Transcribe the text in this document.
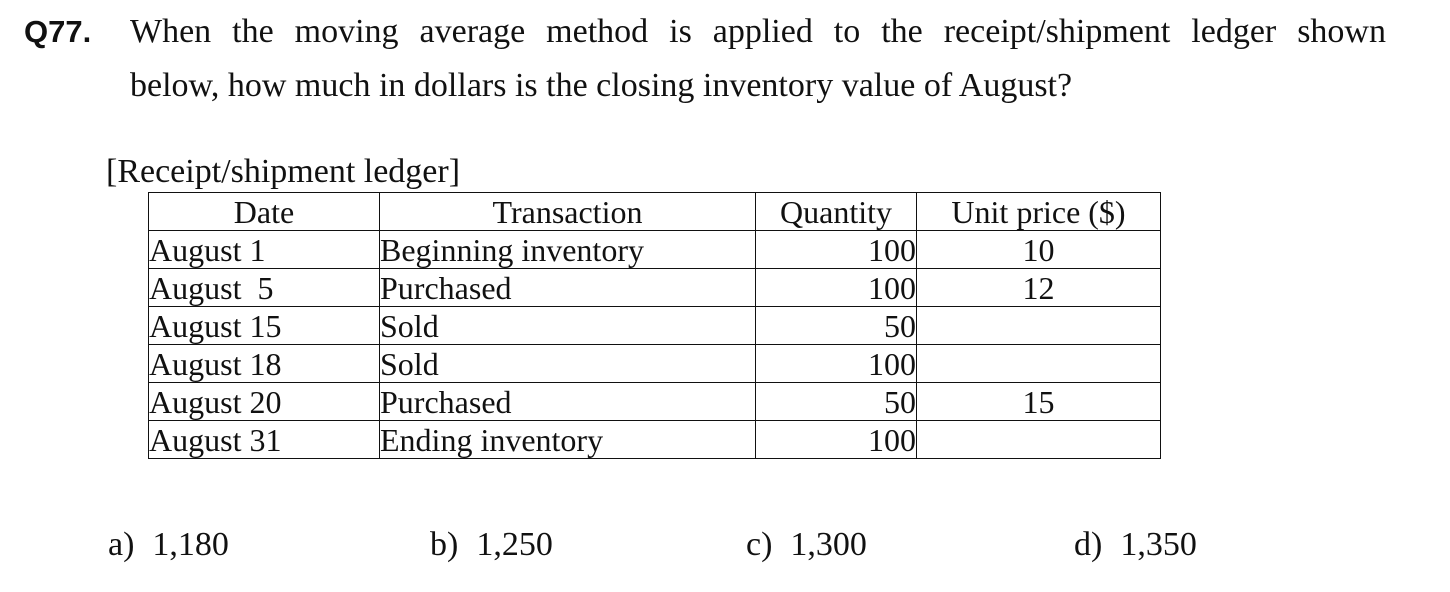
Q77. When the moving average method is applied to the receipt/shipment ledger shown
below, how much in dollars is the closing inventory value of August?
[Receipt/shipment ledger]
Date	Transaction	Quantity	Unit price ($)
August 1	Beginning inventory	100	10
August  5	Purchased	100	12
August 15	Sold	50	
August 18	Sold	100	
August 20	Purchased	50	15
August 31	Ending inventory	100	
a) 1,180	b) 1,250	c) 1,300	d) 1,350
